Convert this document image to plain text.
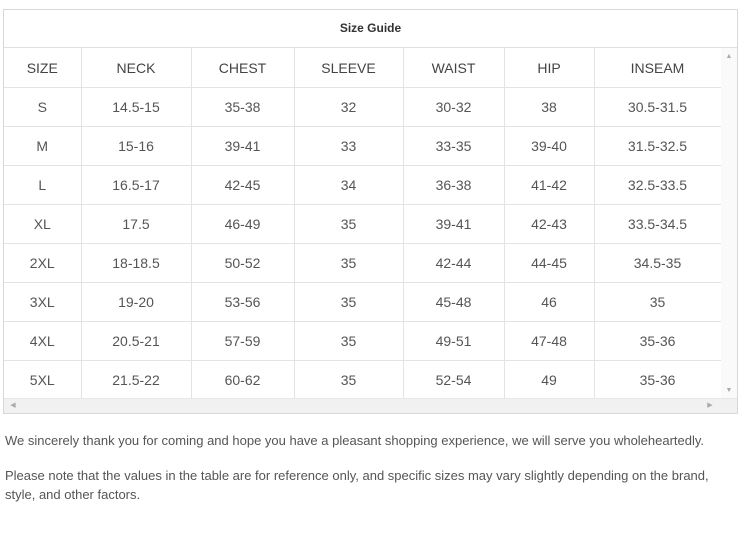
Size Guide
SIZE	NECK	CHEST	SLEEVE	WAIST	HIP	INSEAM
S	14.5-15	35-38	32	30-32	38	30.5-31.5
M	15-16	39-41	33	33-35	39-40	31.5-32.5
L	16.5-17	42-45	34	36-38	41-42	32.5-33.5
XL	17.5	46-49	35	39-41	42-43	33.5-34.5
2XL	18-18.5	50-52	35	42-44	44-45	34.5-35
3XL	19-20	53-56	35	45-48	46	35
4XL	20.5-21	57-59	35	49-51	47-48	35-36
5XL	21.5-22	60-62	35	52-54	49	35-36
▲
▼
◀	▶
We sincerely thank you for coming and hope you have a pleasant shopping experience, we will serve you wholeheartedly.
Please note that the values in the table are for reference only, and specific sizes may vary slightly depending on the brand, style, and other factors.
